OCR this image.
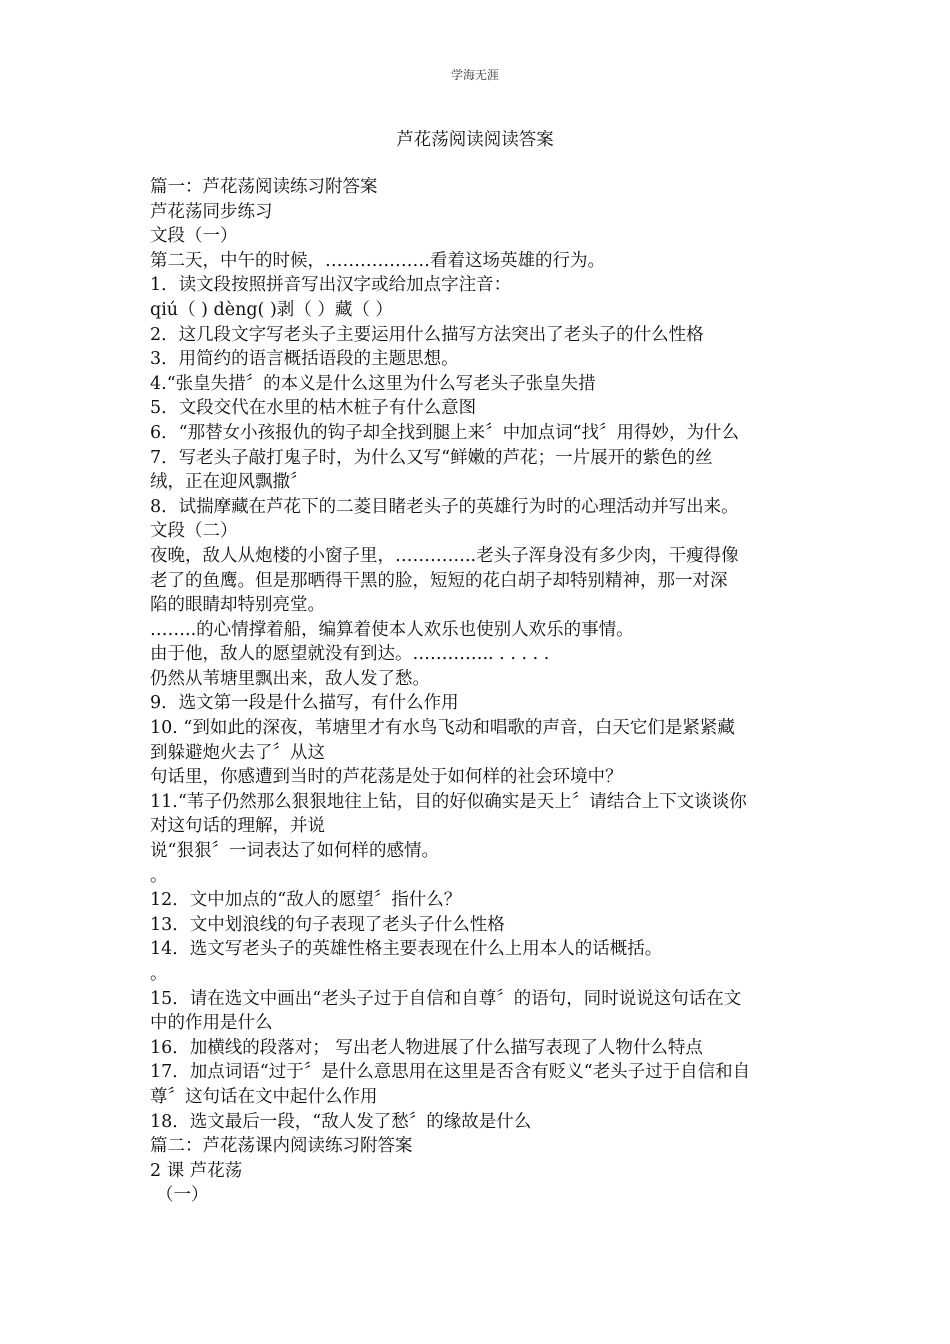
学海无涯
芦花荡阅读阅读答案
篇一：芦花荡阅读练习附答案
芦花荡同步练习
文段（一）
第二天，中午的时候，………………看着这场英雄的行为。
1．读文段按照拼音写出汉字或给加点字注音：
qiú（ ) dèng( )剥（ ）藏（ ）
2．这几段文字写老头子主要运用什么描写方法突出了老头子的什么性格
3．用简约的语言概括语段的主题思想。
4.“张皇失措〞的本义是什么这里为什么写老头子张皇失措
5．文段交代在水里的枯木桩子有什么意图
6．“那替女小孩报仇的钩子却全找到腿上来〞中加点词“找〞用得妙，为什么
7．写老头子敲打鬼子时，为什么又写“鲜嫩的芦花；一片展开的紫色的丝
绒，正在迎风飘撒〞
8．试揣摩藏在芦花下的二菱目睹老头子的英雄行为时的心理活动并写出来。
文段（二）
夜晚，敌人从炮楼的小窗子里，…………..老头子浑身没有多少肉，干瘦得像
老了的鱼鹰。但是那晒得干黑的脸，短短的花白胡子却特别精神，那一对深
陷的眼睛却特别亮堂。
……..的心情撑着船，编算着使本人欢乐也使别人欢乐的事情。
由于他，敌人的愿望就没有到达。………….. . . . . .
仍然从苇塘里飘出来，敌人发了愁。
9．选文第一段是什么描写，有什么作用
10. “到如此的深夜，苇塘里才有水鸟飞动和唱歌的声音，白天它们是紧紧藏
到躲避炮火去了〞从这
句话里，你感遭到当时的芦花荡是处于如何样的社会环境中？
11.“苇子仍然那么狠狠地往上钻，目的好似确实是天上〞请结合上下文谈谈你
对这句话的理解，并说
说“狠狠〞一词表达了如何样的感情。
。
12．文中加点的“敌人的愿望〞指什么？
13．文中划浪线的句子表现了老头子什么性格
14．选文写老头子的英雄性格主要表现在什么上用本人的话概括。
。
15．请在选文中画出“老头子过于自信和自尊〞的语句，同时说说这句话在文
中的作用是什么
16．加横线的段落对； 写出老人物进展了什么描写表现了人物什么特点
17．加点词语“过于〞是什么意思用在这里是否含有贬义“老头子过于自信和自
尊〞这句话在文中起什么作用
18．选文最后一段，“敌人发了愁〞的缘故是什么
篇二：芦花荡课内阅读练习附答案
2 课 芦花荡
（一）
